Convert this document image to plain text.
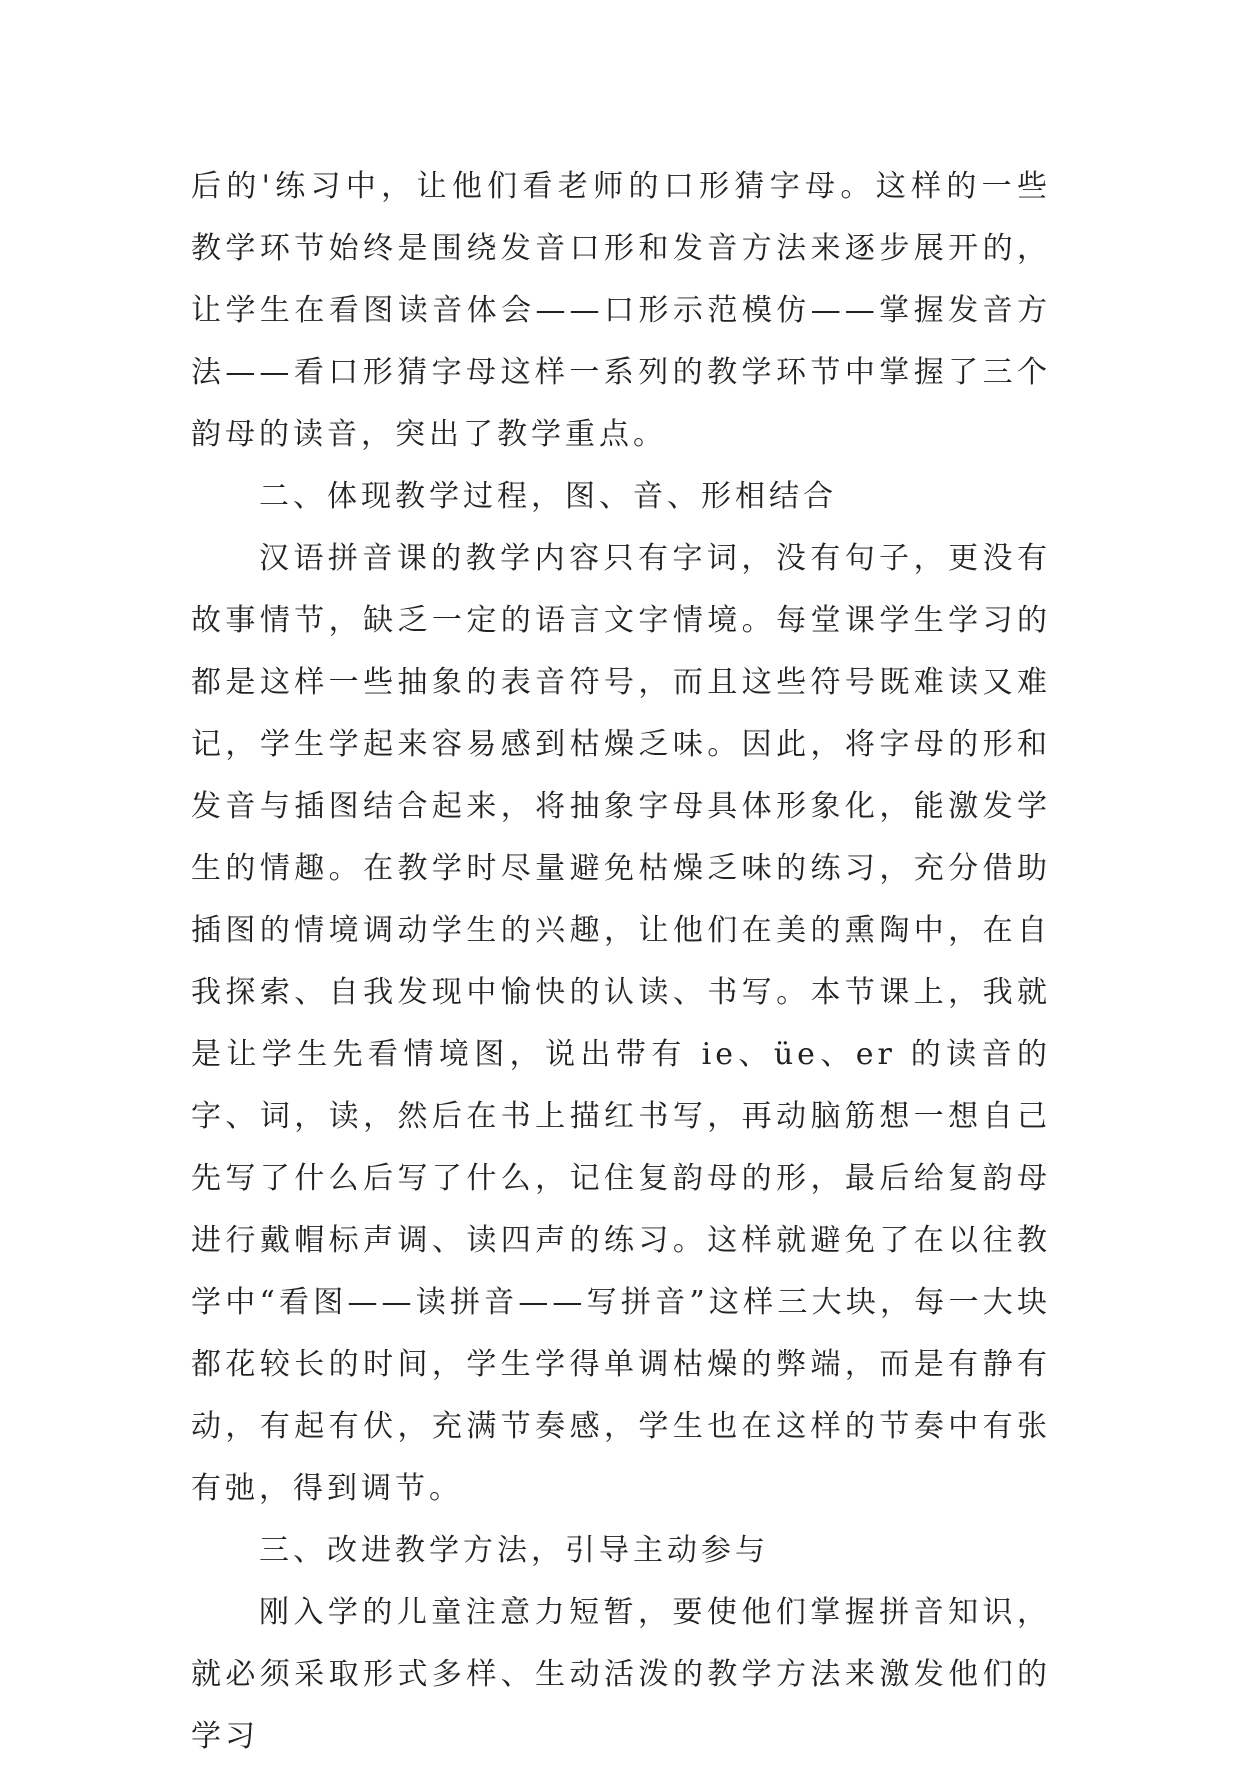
后的'练习中，让他们看老师的口形猜字母。这样的一些教学环节始终是围绕发音口形和发音方法来逐步展开的，让学生在看图读音体会——口形示范模仿——掌握发音方法——看口形猜字母这样一系列的教学环节中掌握了三个韵母的读音，突出了教学重点。

二、体现教学过程，图、音、形相结合

汉语拼音课的教学内容只有字词，没有句子，更没有故事情节，缺乏一定的语言文字情境。每堂课学生学习的都是这样一些抽象的表音符号，而且这些符号既难读又难记，学生学起来容易感到枯燥乏味。因此，将字母的形和发音与插图结合起来，将抽象字母具体形象化，能激发学生的情趣。在教学时尽量避免枯燥乏味的练习，充分借助插图的情境调动学生的兴趣，让他们在美的熏陶中，在自我探索、自我发现中愉快的认读、书写。本节课上，我就是让学生先看情境图，说出带有 ie、üe、er 的读音的字、词，读，然后在书上描红书写，再动脑筋想一想自己先写了什么后写了什么，记住复韵母的形，最后给复韵母进行戴帽标声调、读四声的练习。这样就避免了在以往教学中“看图——读拼音——写拼音”这样三大块，每一大块都花较长的时间，学生学得单调枯燥的弊端，而是有静有动，有起有伏，充满节奏感，学生也在这样的节奏中有张有弛，得到调节。

三、改进教学方法，引导主动参与

刚入学的儿童注意力短暂，要使他们掌握拼音知识，就必须采取形式多样、生动活泼的教学方法来激发他们的学习
